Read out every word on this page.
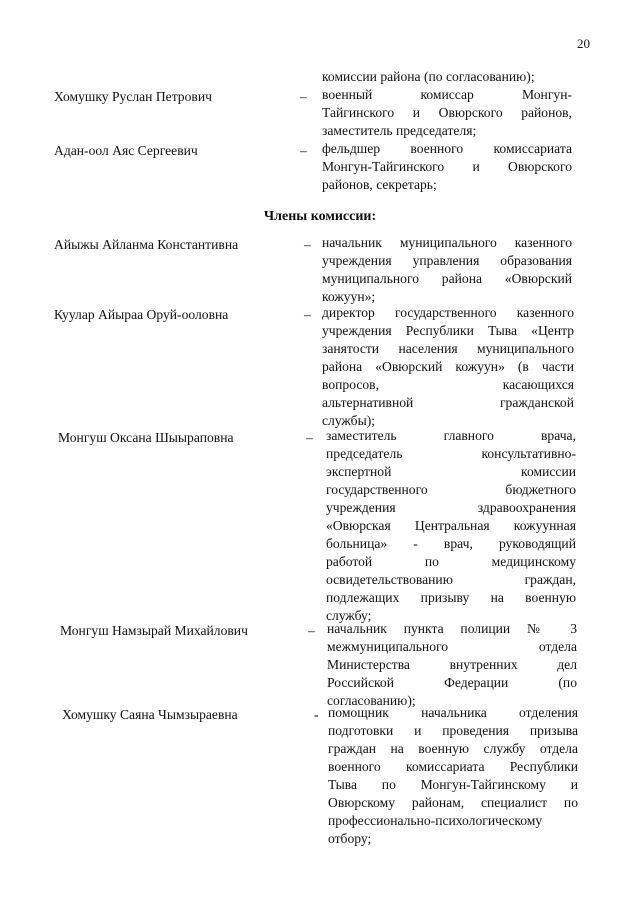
20
комиссии района (по согласованию);
Хомушку Руслан Петрович	– военный комиссар Монгун-
Тайгинского и Овюрского районов,
заместитель председателя;
Адан-оол Аяс Сергеевич	– фельдшер военного комиссариата
Монгун-Тайгинского и Овюрского
районов, секретарь;
Члены комиссии:
Айыжы Айланма Константивна	– начальник муниципального казенного
учреждения управления образования
муниципального района «Овюрский
кожуун»;
Куулар Айыраа Оруй-ооловна	– директор государственного казенного
учреждения Республики Тыва «Центр
занятости населения муниципального
района «Овюрский кожуун» (в части
вопросов, касающихся
альтернативной гражданской
службы);
Монгуш Оксана Шыыраповна	– заместитель главного врача,
председатель консультативно-
экспертной комиссии
государственного бюджетного
учреждения здравоохранения
«Овюрская Центральная кожуунная
больница» - врач, руководящий
работой по медицинскому
освидетельствованию граждан,
подлежащих призыву на военную
службу;
Монгуш Намзырай Михайлович	– начальник пункта полиции № 3
межмуниципального отдела
Министерства внутренних дел
Российской Федерации (по
согласованию);
Хомушку Саяна Чымзыраевна	- помощник начальника отделения
подготовки и проведения призыва
граждан на военную службу отдела
военного комиссариата Республики
Тыва по Монгун-Тайгинскому и
Овюрскому районам, специалист по
профессионально-психологическому
отбору;
